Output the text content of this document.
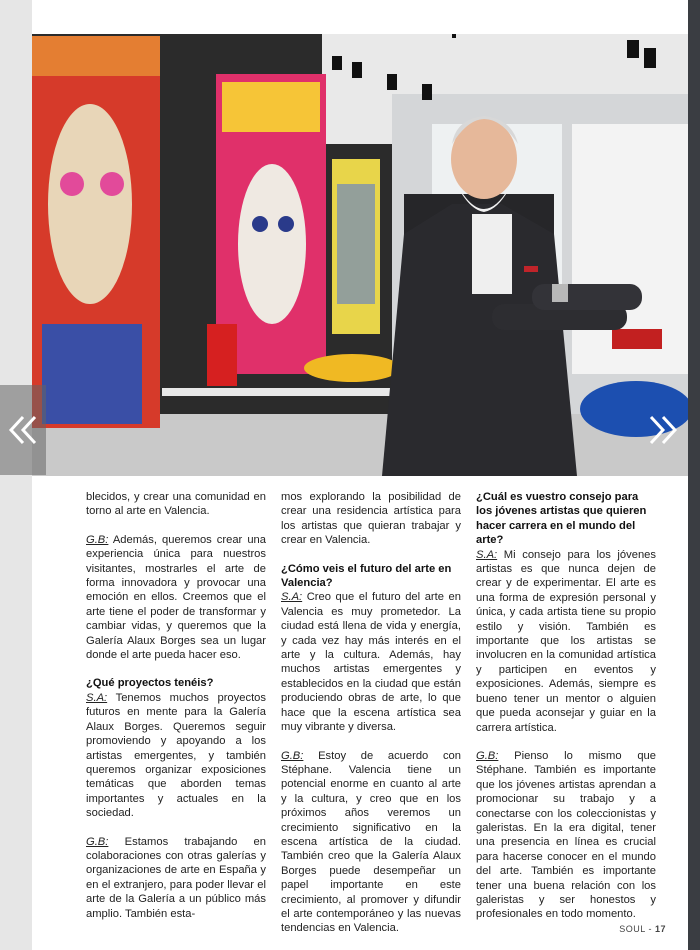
blecidos, y crear una comunidad en torno al arte en Valencia.

G.B: Además, queremos crear una experiencia única para nuestros visitantes, mostrarles el arte de forma innovadora y provocar una emoción en ellos. Creemos que el arte tiene el poder de transformar y cambiar vidas, y queremos que la Galería Alaux Borges sea un lugar donde el arte pueda hacer eso.

¿Qué proyectos tenéis?

S.A: Tenemos muchos proyectos futuros en mente para la Galería Alaux Borges. Queremos seguir promoviendo y apoyando a los artistas emergentes, y también queremos organizar exposiciones temáticas que aborden temas importantes y actuales en la sociedad.

G.B: Estamos trabajando en colaboraciones con otras galerías y organizaciones de arte en España y en el extranjero, para poder llevar el arte de la Galería a un público más amplio. También esta-

mos explorando la posibilidad de crear una residencia artística para los artistas que quieran trabajar y crear en Valencia.

¿Cómo veis el futuro del arte en Valencia?

S.A: Creo que el futuro del arte en Valencia es muy prometedor. La ciudad está llena de vida y energía, y cada vez hay más interés en el arte y la cultura. Además, hay muchos artistas emergentes y establecidos en la ciudad que están produciendo obras de arte, lo que hace que la escena artística sea muy vibrante y diversa.

G.B: Estoy de acuerdo con Stéphane. Valencia tiene un potencial enorme en cuanto al arte y la cultura, y creo que en los próximos años veremos un crecimiento significativo en la escena artística de la ciudad. También creo que la Galería Alaux Borges puede desempeñar un papel importante en este crecimiento, al promover y difundir el arte contemporáneo y las nuevas tendencias en Valencia.

¿Cuál es vuestro consejo para los jóvenes artistas que quieren hacer carrera en el mundo del arte?

S.A: Mi consejo para los jóvenes artistas es que nunca dejen de crear y de experimentar. El arte es una forma de expresión personal y única, y cada artista tiene su propio estilo y visión. También es importante que los artistas se involucren en la comunidad artística y participen en eventos y exposiciones. Además, siempre es bueno tener un mentor o alguien que pueda aconsejar y guiar en la carrera artística.

G.B: Pienso lo mismo que Stéphane. También es importante que los jóvenes artistas aprendan a promocionar su trabajo y a conectarse con los coleccionistas y galeristas. En la era digital, tener una presencia en línea es crucial para hacerse conocer en el mundo del arte. También es importante tener una buena relación con los galeristas y ser honestos y profesionales en todo momento.

SOUL - 17
